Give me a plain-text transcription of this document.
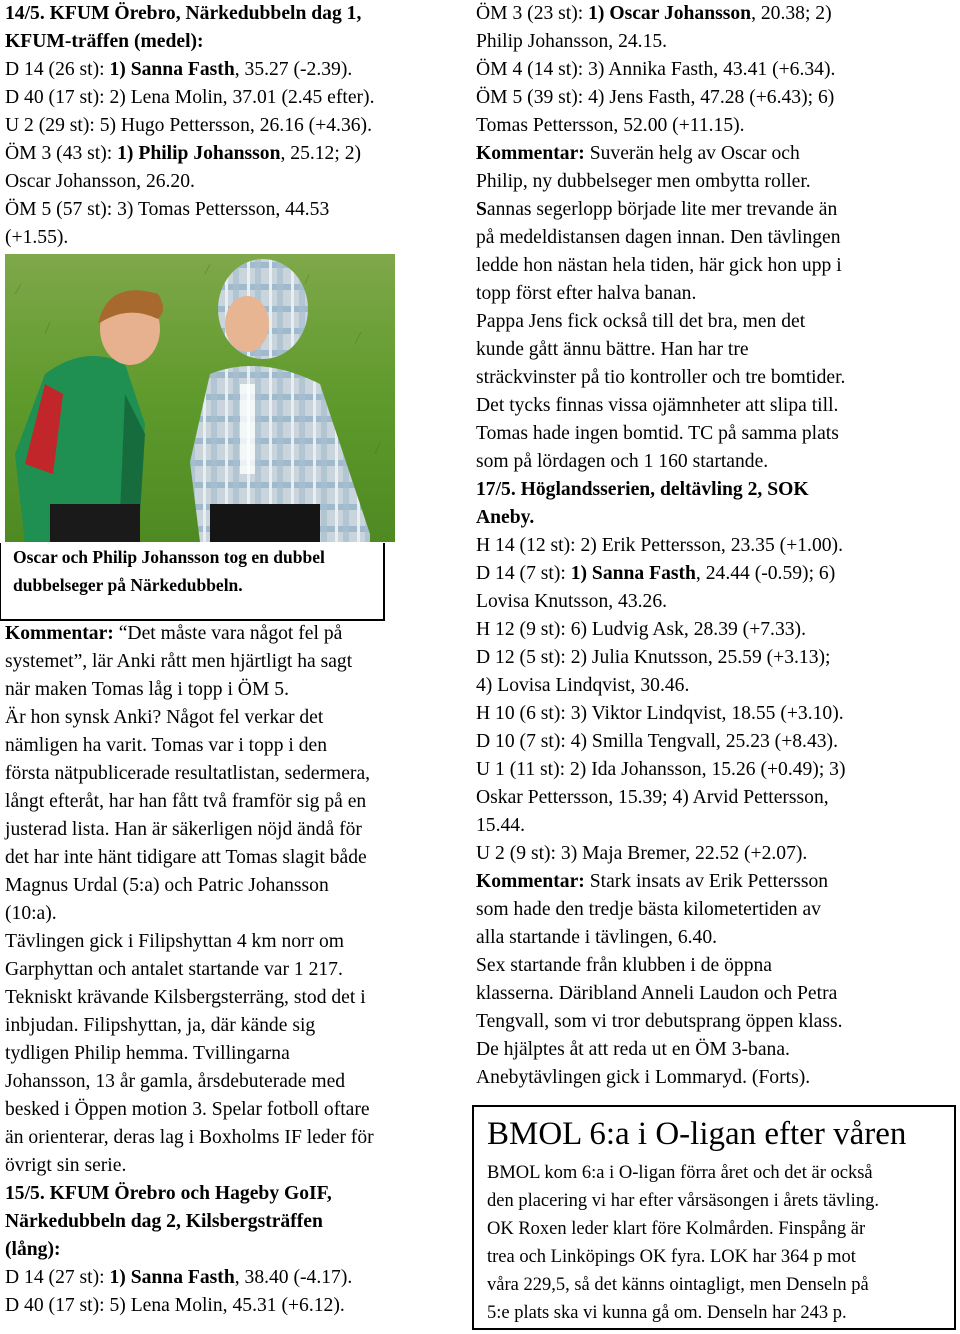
14/5. KFUM Örebro, Närkedubbeln dag 1,
KFUM-träffen (medel):
D 14 (26 st): 1) Sanna Fasth, 35.27 (-2.39).
D 40 (17 st): 2) Lena Molin, 37.01 (2.45 efter).
U 2 (29 st): 5) Hugo Pettersson, 26.16 (+4.36).
ÖM 3 (43 st): 1) Philip Johansson, 25.12; 2)
Oscar Johansson, 26.20.
ÖM 5 (57 st): 3) Tomas Pettersson, 44.53
(+1.55).
Kommentar: “Det måste vara något fel på
systemet”, lär Anki rått men hjärtligt ha sagt
när maken Tomas låg i topp i ÖM 5.
Är hon synsk Anki? Något fel verkar det
nämligen ha varit. Tomas var i topp i den
första nätpublicerade resultatlistan, sedermera,
långt efteråt, har han fått två framför sig på en
justerad lista. Han är säkerligen nöjd ändå för
det har inte hänt tidigare att Tomas slagit både
Magnus Urdal (5:a) och Patric Johansson
(10:a).
Tävlingen gick i Filipshyttan 4 km norr om
Garphyttan och antalet startande var 1 217.
Tekniskt krävande Kilsbergsterräng, stod det i
inbjudan. Filipshyttan, ja, där kände sig
tydligen Philip hemma. Tvillingarna
Johansson, 13 år gamla, årsdebuterade med
besked i Öppen motion 3. Spelar fotboll oftare
än orienterar, deras lag i Boxholms IF leder för
övrigt sin serie.
15/5. KFUM Örebro och Hageby GoIF,
Närkedubbeln dag 2, Kilsbergsträffen
(lång):
D 14 (27 st): 1) Sanna Fasth, 38.40 (-4.17).
D 40 (17 st): 5) Lena Molin, 45.31 (+6.12).
Oscar och Philip Johansson tog en dubbel
dubbelseger på Närkedubbeln.
ÖM 3 (23 st): 1) Oscar Johansson, 20.38; 2)
Philip Johansson, 24.15.
ÖM 4 (14 st): 3) Annika Fasth, 43.41 (+6.34).
ÖM 5 (39 st): 4) Jens Fasth, 47.28 (+6.43); 6)
Tomas Pettersson, 52.00 (+11.15).
Kommentar: Suverän helg av Oscar och
Philip, ny dubbelseger men ombytta roller.
Sannas segerlopp började lite mer trevande än
på medeldistansen dagen innan. Den tävlingen
ledde hon nästan hela tiden, här gick hon upp i
topp först efter halva banan.
Pappa Jens fick också till det bra, men det
kunde gått ännu bättre. Han har tre
sträckvinster på tio kontroller och tre bomtider.
Det tycks finnas vissa ojämnheter att slipa till.
Tomas hade ingen bomtid. TC på samma plats
som på lördagen och 1 160 startande.
17/5. Höglandsserien, deltävling 2, SOK
Aneby.
H 14 (12 st): 2) Erik Pettersson, 23.35 (+1.00).
D 14 (7 st): 1) Sanna Fasth, 24.44 (-0.59); 6)
Lovisa Knutsson, 43.26.
H 12 (9 st): 6) Ludvig Ask, 28.39 (+7.33).
D 12 (5 st): 2) Julia Knutsson, 25.59 (+3.13);
4) Lovisa Lindqvist, 30.46.
H 10 (6 st): 3) Viktor Lindqvist, 18.55 (+3.10).
D 10 (7 st): 4) Smilla Tengvall, 25.23 (+8.43).
U 1 (11 st): 2) Ida Johansson, 15.26 (+0.49); 3)
Oskar Pettersson, 15.39; 4) Arvid Pettersson,
15.44.
U 2 (9 st): 3) Maja Bremer, 22.52 (+2.07).
Kommentar: Stark insats av Erik Pettersson
som hade den tredje bästa kilometertiden av
alla startande i tävlingen, 6.40.
Sex startande från klubben i de öppna
klasserna. Däribland Anneli Laudon och Petra
Tengvall, som vi tror debutsprang öppen klass.
De hjälptes åt att reda ut en ÖM 3-bana.
Anebytävlingen gick i Lommaryd. (Forts).
BMOL 6:a i O-ligan efter våren
BMOL kom 6:a i O-ligan förra året och det är också
den placering vi har efter vårsäsongen i årets tävling.
OK Roxen leder klart före Kolmården. Finspång är
trea och Linköpings OK fyra. LOK har 364 p mot
våra 229,5, så det känns ointagligt, men Denseln på
5:e plats ska vi kunna gå om. Denseln har 243 p.
